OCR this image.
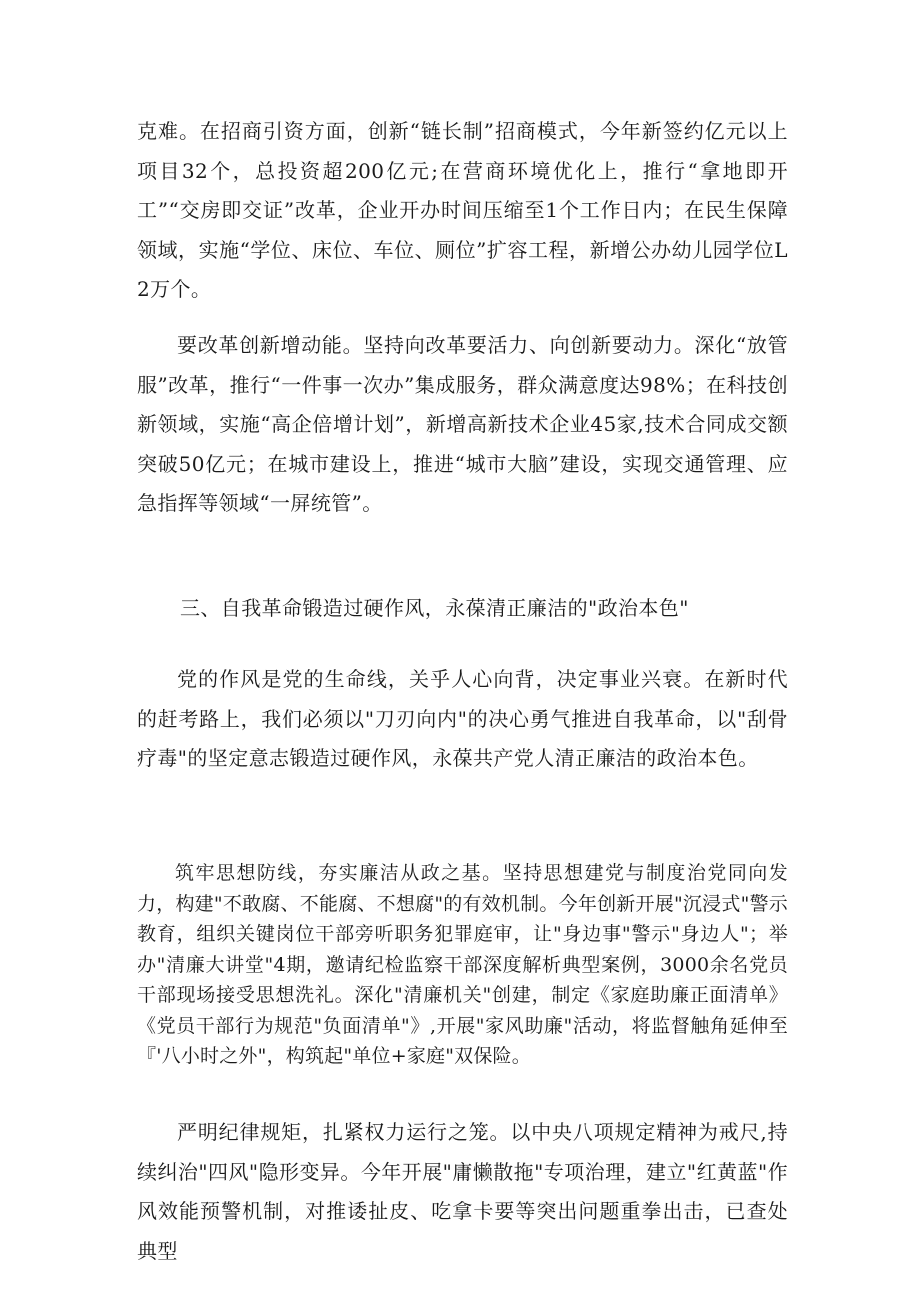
克难。在招商引资方面，创新“链长制”招商模式，今年新签约亿元以上项目32个，总投资超200亿元;在营商环境优化上，推行“拿地即开工”“交房即交证”改革，企业开办时间压缩至1个工作日内；在民生保障领域，实施“学位、床位、车位、厕位”扩容工程，新增公办幼儿园学位L2万个。

要改革创新增动能。坚持向改革要活力、向创新要动力。深化“放管服”改革，推行“一件事一次办”集成服务，群众满意度达98%；在科技创新领域，实施“高企倍增计划”，新增高新技术企业45家,技术合同成交额突破50亿元；在城市建设上，推进“城市大脑”建设，实现交通管理、应急指挥等领域“一屏统管”。

三、自我革命锻造过硬作风，永葆清正廉洁的"政治本色"

党的作风是党的生命线，关乎人心向背，决定事业兴衰。在新时代的赶考路上，我们必须以"刀刃向内"的决心勇气推进自我革命，以"刮骨疗毒"的坚定意志锻造过硬作风，永葆共产党人清正廉洁的政治本色。

筑牢思想防线，夯实廉洁从政之基。坚持思想建党与制度治党同向发力，构建"不敢腐、不能腐、不想腐"的有效机制。今年创新开展"沉浸式"警示教育，组织关键岗位干部旁听职务犯罪庭审，让"身边事"警示"身边人"；举办"清廉大讲堂"4期，邀请纪检监察干部深度解析典型案例，3000余名党员干部现场接受思想洗礼。深化"清廉机关"创建，制定《家庭助廉正面清单》《党员干部行为规范"负面清单"》,开展"家风助廉"活动，将监督触角延伸至『'八小时之外"，构筑起"单位+家庭"双保险。

严明纪律规矩，扎紧权力运行之笼。以中央八项规定精神为戒尺,持续纠治"四风"隐形变异。今年开展"庸懒散拖"专项治理，建立"红黄蓝"作风效能预警机制，对推诿扯皮、吃拿卡要等突出问题重拳出击，已查处典型
